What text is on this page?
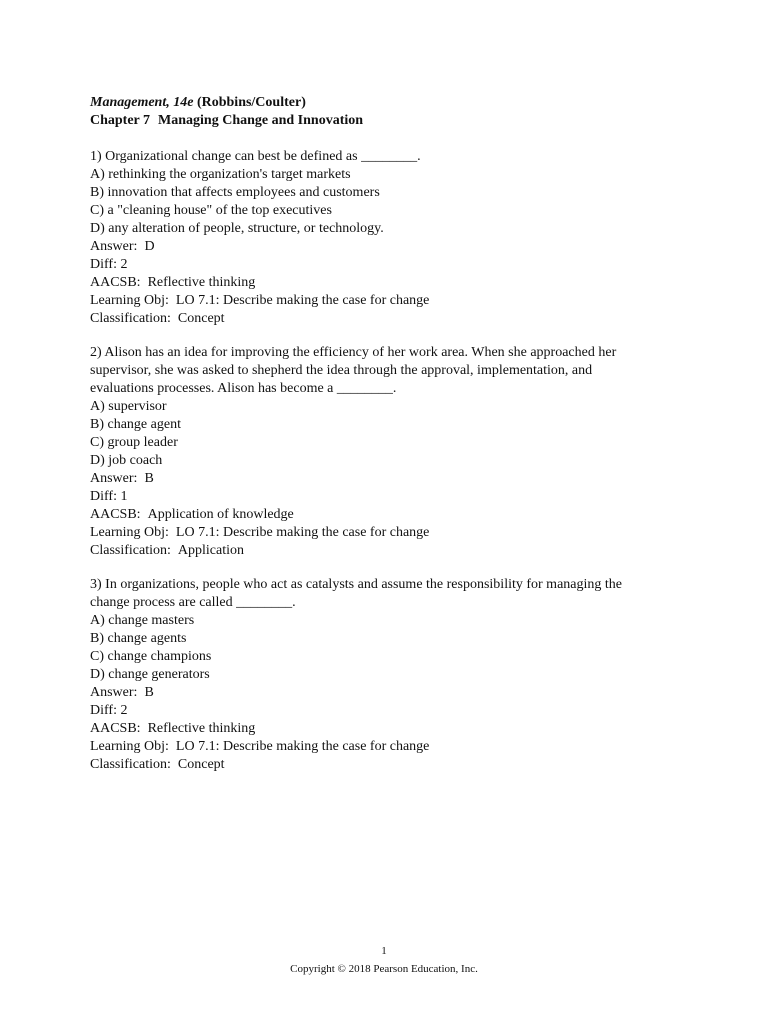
Management, 14e (Robbins/Coulter)
Chapter 7 Managing Change and Innovation
1) Organizational change can best be defined as ________.
A) rethinking the organization's target markets
B) innovation that affects employees and customers
C) a "cleaning house" of the top executives
D) any alteration of people, structure, or technology.
Answer: D
Diff: 2
AACSB: Reflective thinking
Learning Obj: LO 7.1: Describe making the case for change
Classification: Concept
2) Alison has an idea for improving the efficiency of her work area. When she approached her
supervisor, she was asked to shepherd the idea through the approval, implementation, and
evaluations processes. Alison has become a ________.
A) supervisor
B) change agent
C) group leader
D) job coach
Answer: B
Diff: 1
AACSB: Application of knowledge
Learning Obj: LO 7.1: Describe making the case for change
Classification: Application
3) In organizations, people who act as catalysts and assume the responsibility for managing the
change process are called ________.
A) change masters
B) change agents
C) change champions
D) change generators
Answer: B
Diff: 2
AACSB: Reflective thinking
Learning Obj: LO 7.1: Describe making the case for change
Classification: Concept
1
Copyright © 2018 Pearson Education, Inc.
